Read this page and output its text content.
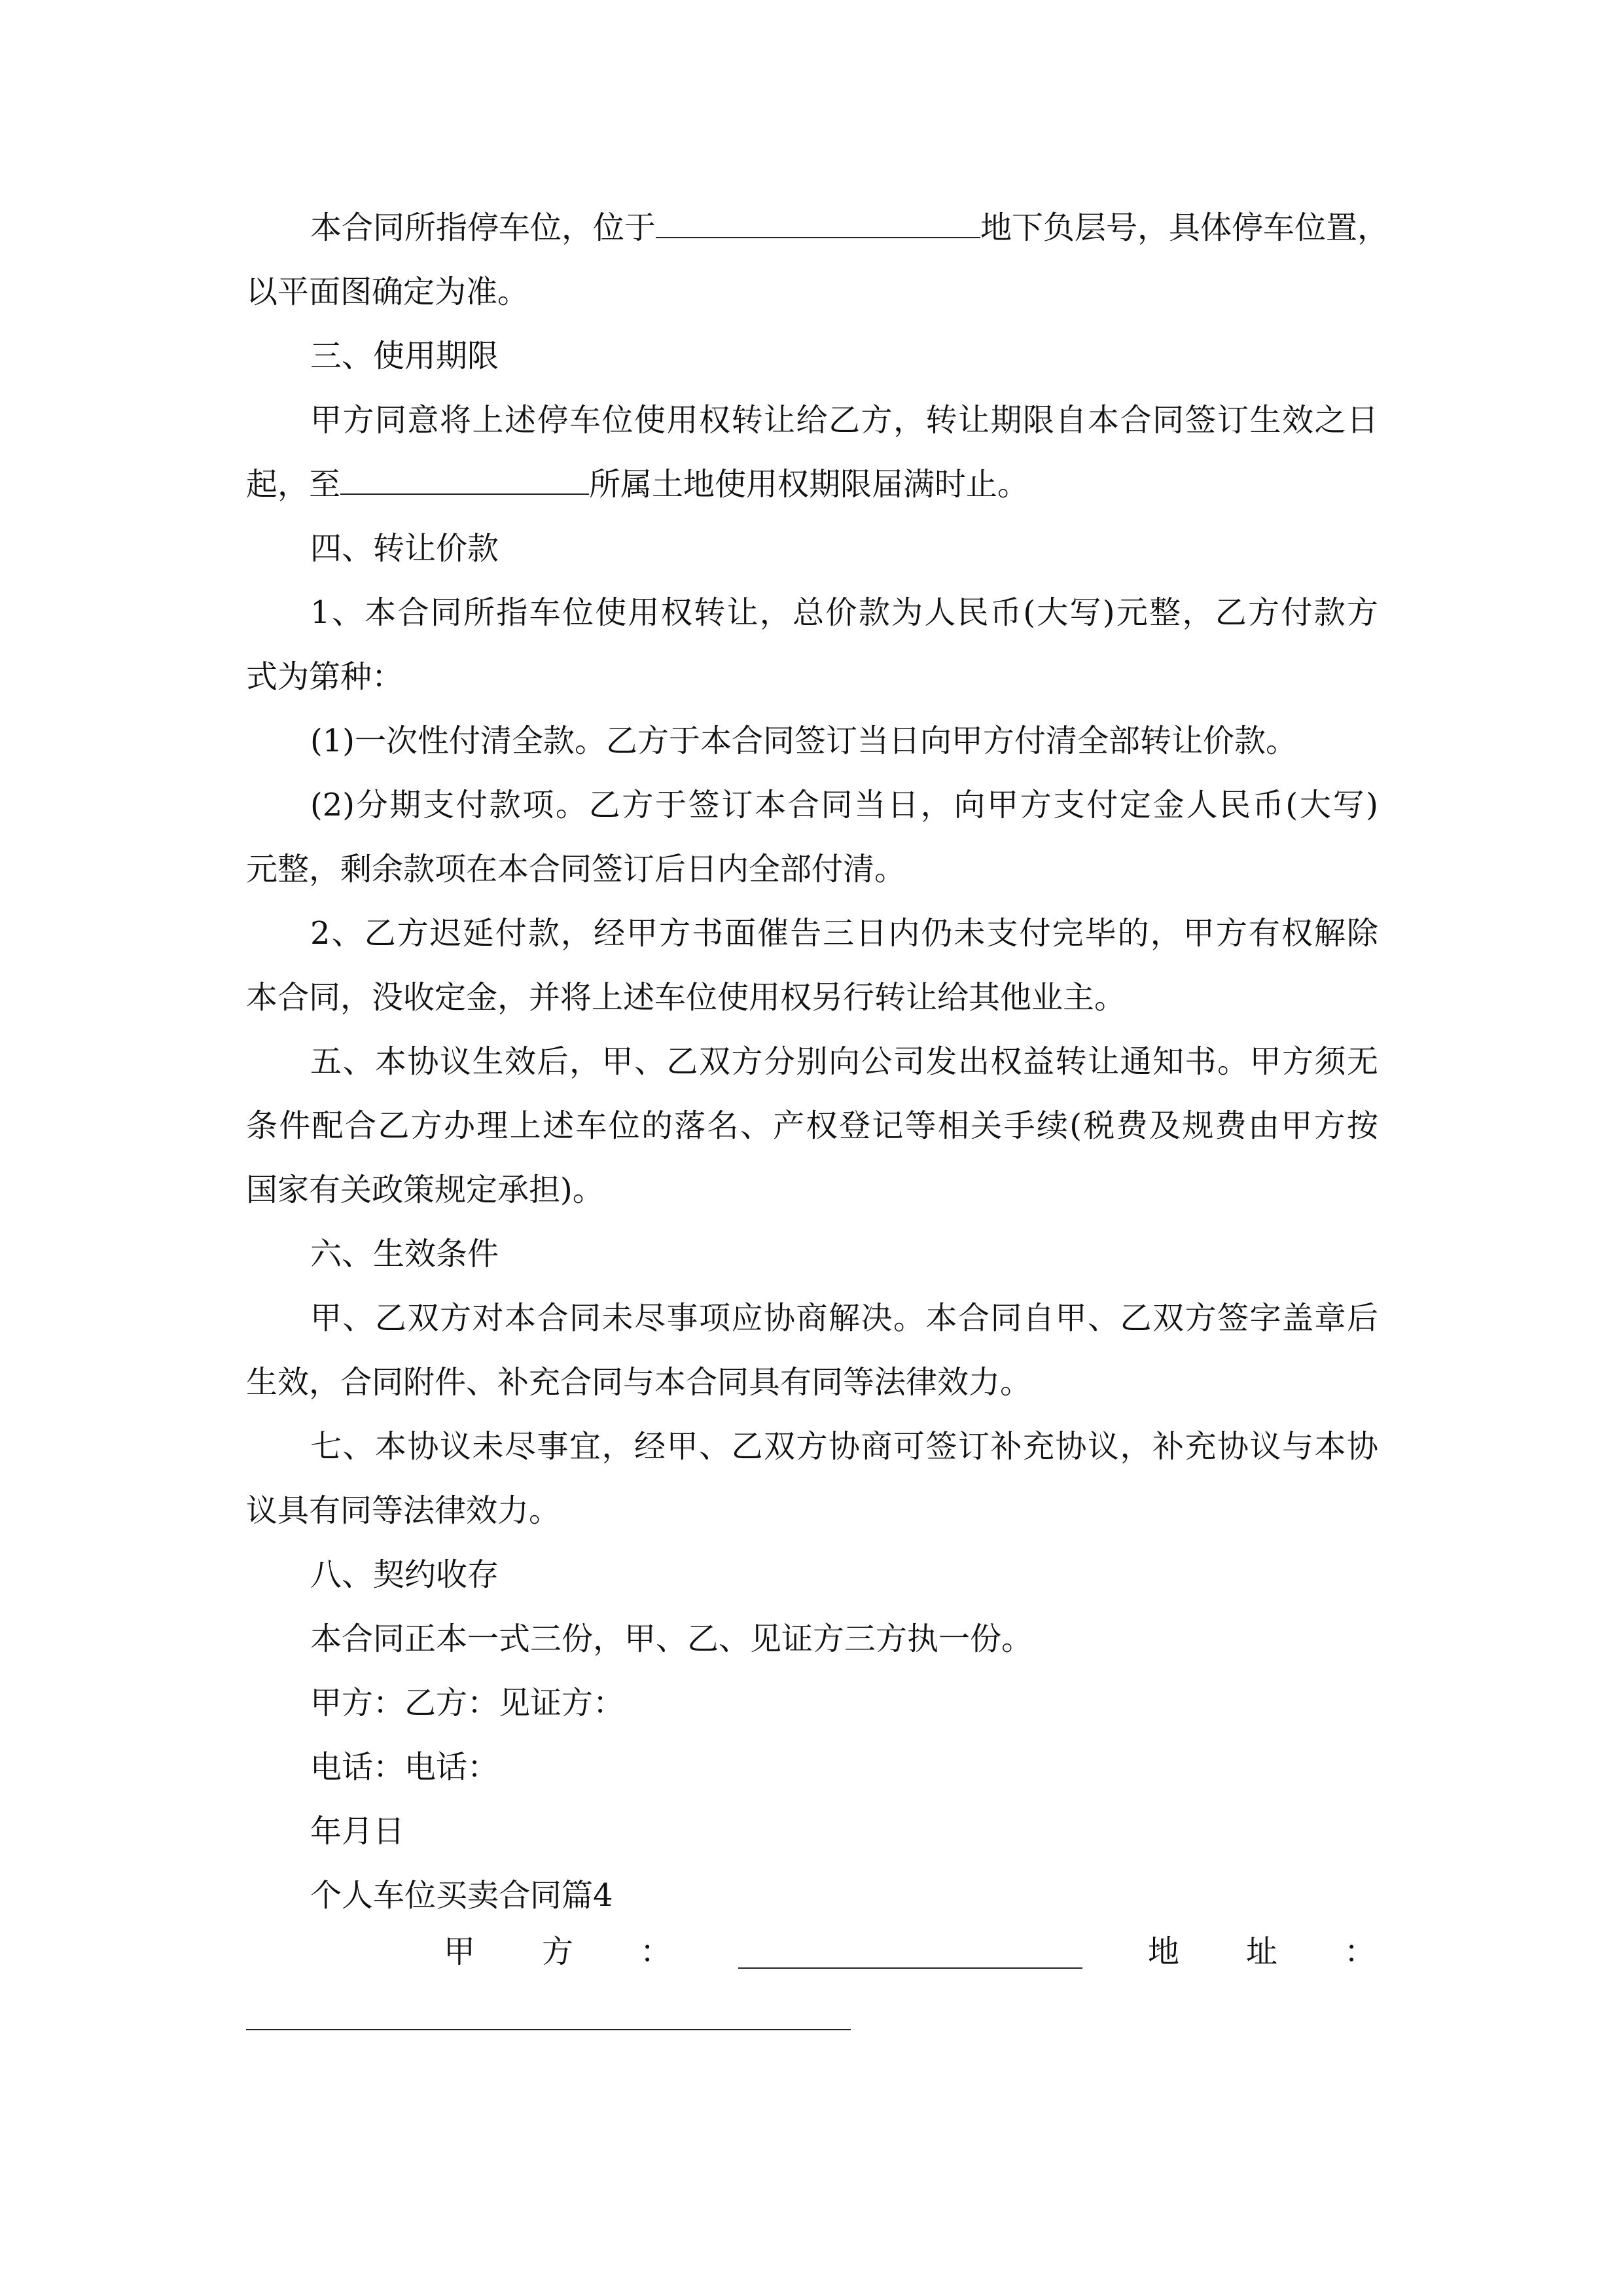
本合同所指停车位，位于	地下负层号，具体停车位置，
以平面图确定为准。
三、使用期限
甲方同意将上述停车位使用权转让给乙方，转让期限自本合同签订生效之日
起，至	所属土地使用权期限届满时止。
四、转让价款
1、本合同所指车位使用权转让，总价款为人民币(大写)元整，乙方付款方
式为第种：
(1)一次性付清全款。乙方于本合同签订当日向甲方付清全部转让价款。
(2)分期支付款项。乙方于签订本合同当日，向甲方支付定金人民币(大写)
元整，剩余款项在本合同签订后日内全部付清。
2、乙方迟延付款，经甲方书面催告三日内仍未支付完毕的，甲方有权解除
本合同，没收定金，并将上述车位使用权另行转让给其他业主。
五、本协议生效后，甲、乙双方分别向公司发出权益转让通知书。甲方须无
条件配合乙方办理上述车位的落名、产权登记等相关手续(税费及规费由甲方按
国家有关政策规定承担)。
六、生效条件
甲、乙双方对本合同未尽事项应协商解决。本合同自甲、乙双方签字盖章后
生效，合同附件、补充合同与本合同具有同等法律效力。
七、本协议未尽事宜，经甲、乙双方协商可签订补充协议，补充协议与本协
议具有同等法律效力。
八、契约收存
本合同正本一式三份，甲、乙、见证方三方执一份。
甲方：乙方：见证方：
电话：电话：
年月日
个人车位买卖合同篇4
甲 方 ：	地 址 ：
